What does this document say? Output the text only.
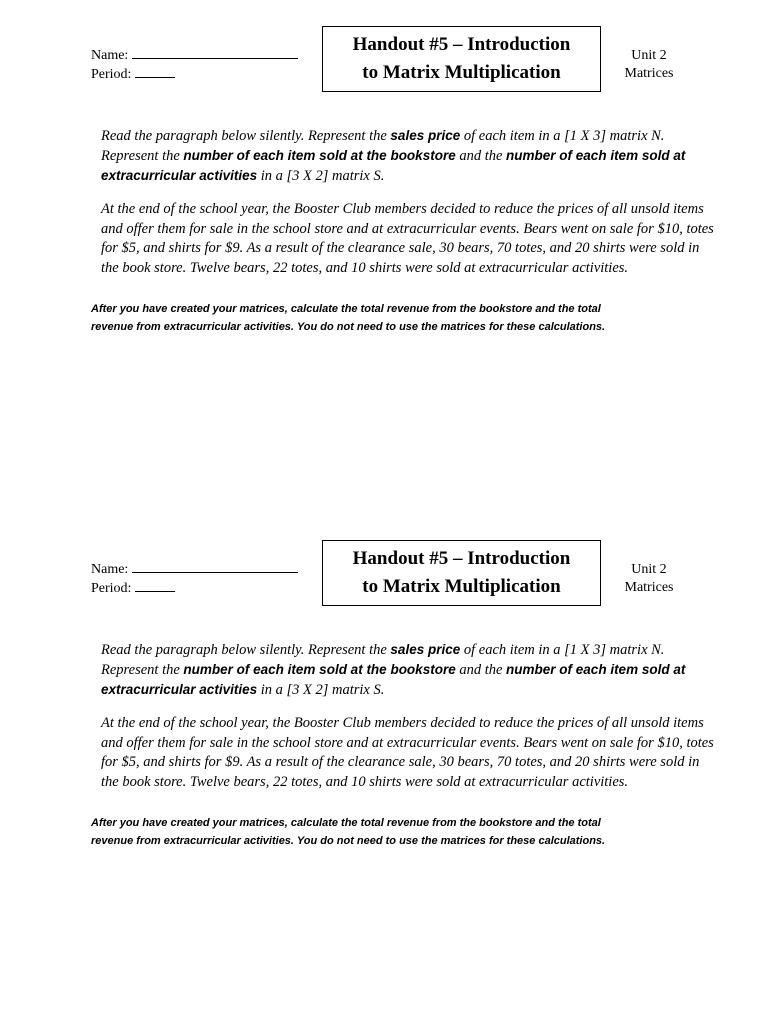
Name:
Period:
Handout #5 – Introduction
to Matrix Multiplication
Unit 2
Matrices

Read the paragraph below silently. Represent the sales price of each item in a [1 X 3] matrix N. Represent the number of each item sold at the bookstore and the number of each item sold at extracurricular activities in a [3 X 2] matrix S.

At the end of the school year, the Booster Club members decided to reduce the prices of all unsold items and offer them for sale in the school store and at extracurricular events. Bears went on sale for $10, totes for $5, and shirts for $9. As a result of the clearance sale, 30 bears, 70 totes, and 20 shirts were sold in the book store. Twelve bears, 22 totes, and 10 shirts were sold at extracurricular activities.

After you have created your matrices, calculate the total revenue from the bookstore and the total
revenue from extracurricular activities. You do not need to use the matrices for these calculations.
Name:
Period:
Handout #5 – Introduction
to Matrix Multiplication
Unit 2
Matrices

Read the paragraph below silently. Represent the sales price of each item in a [1 X 3] matrix N. Represent the number of each item sold at the bookstore and the number of each item sold at extracurricular activities in a [3 X 2] matrix S.

At the end of the school year, the Booster Club members decided to reduce the prices of all unsold items and offer them for sale in the school store and at extracurricular events. Bears went on sale for $10, totes for $5, and shirts for $9. As a result of the clearance sale, 30 bears, 70 totes, and 20 shirts were sold in the book store. Twelve bears, 22 totes, and 10 shirts were sold at extracurricular activities.

After you have created your matrices, calculate the total revenue from the bookstore and the total
revenue from extracurricular activities. You do not need to use the matrices for these calculations.
